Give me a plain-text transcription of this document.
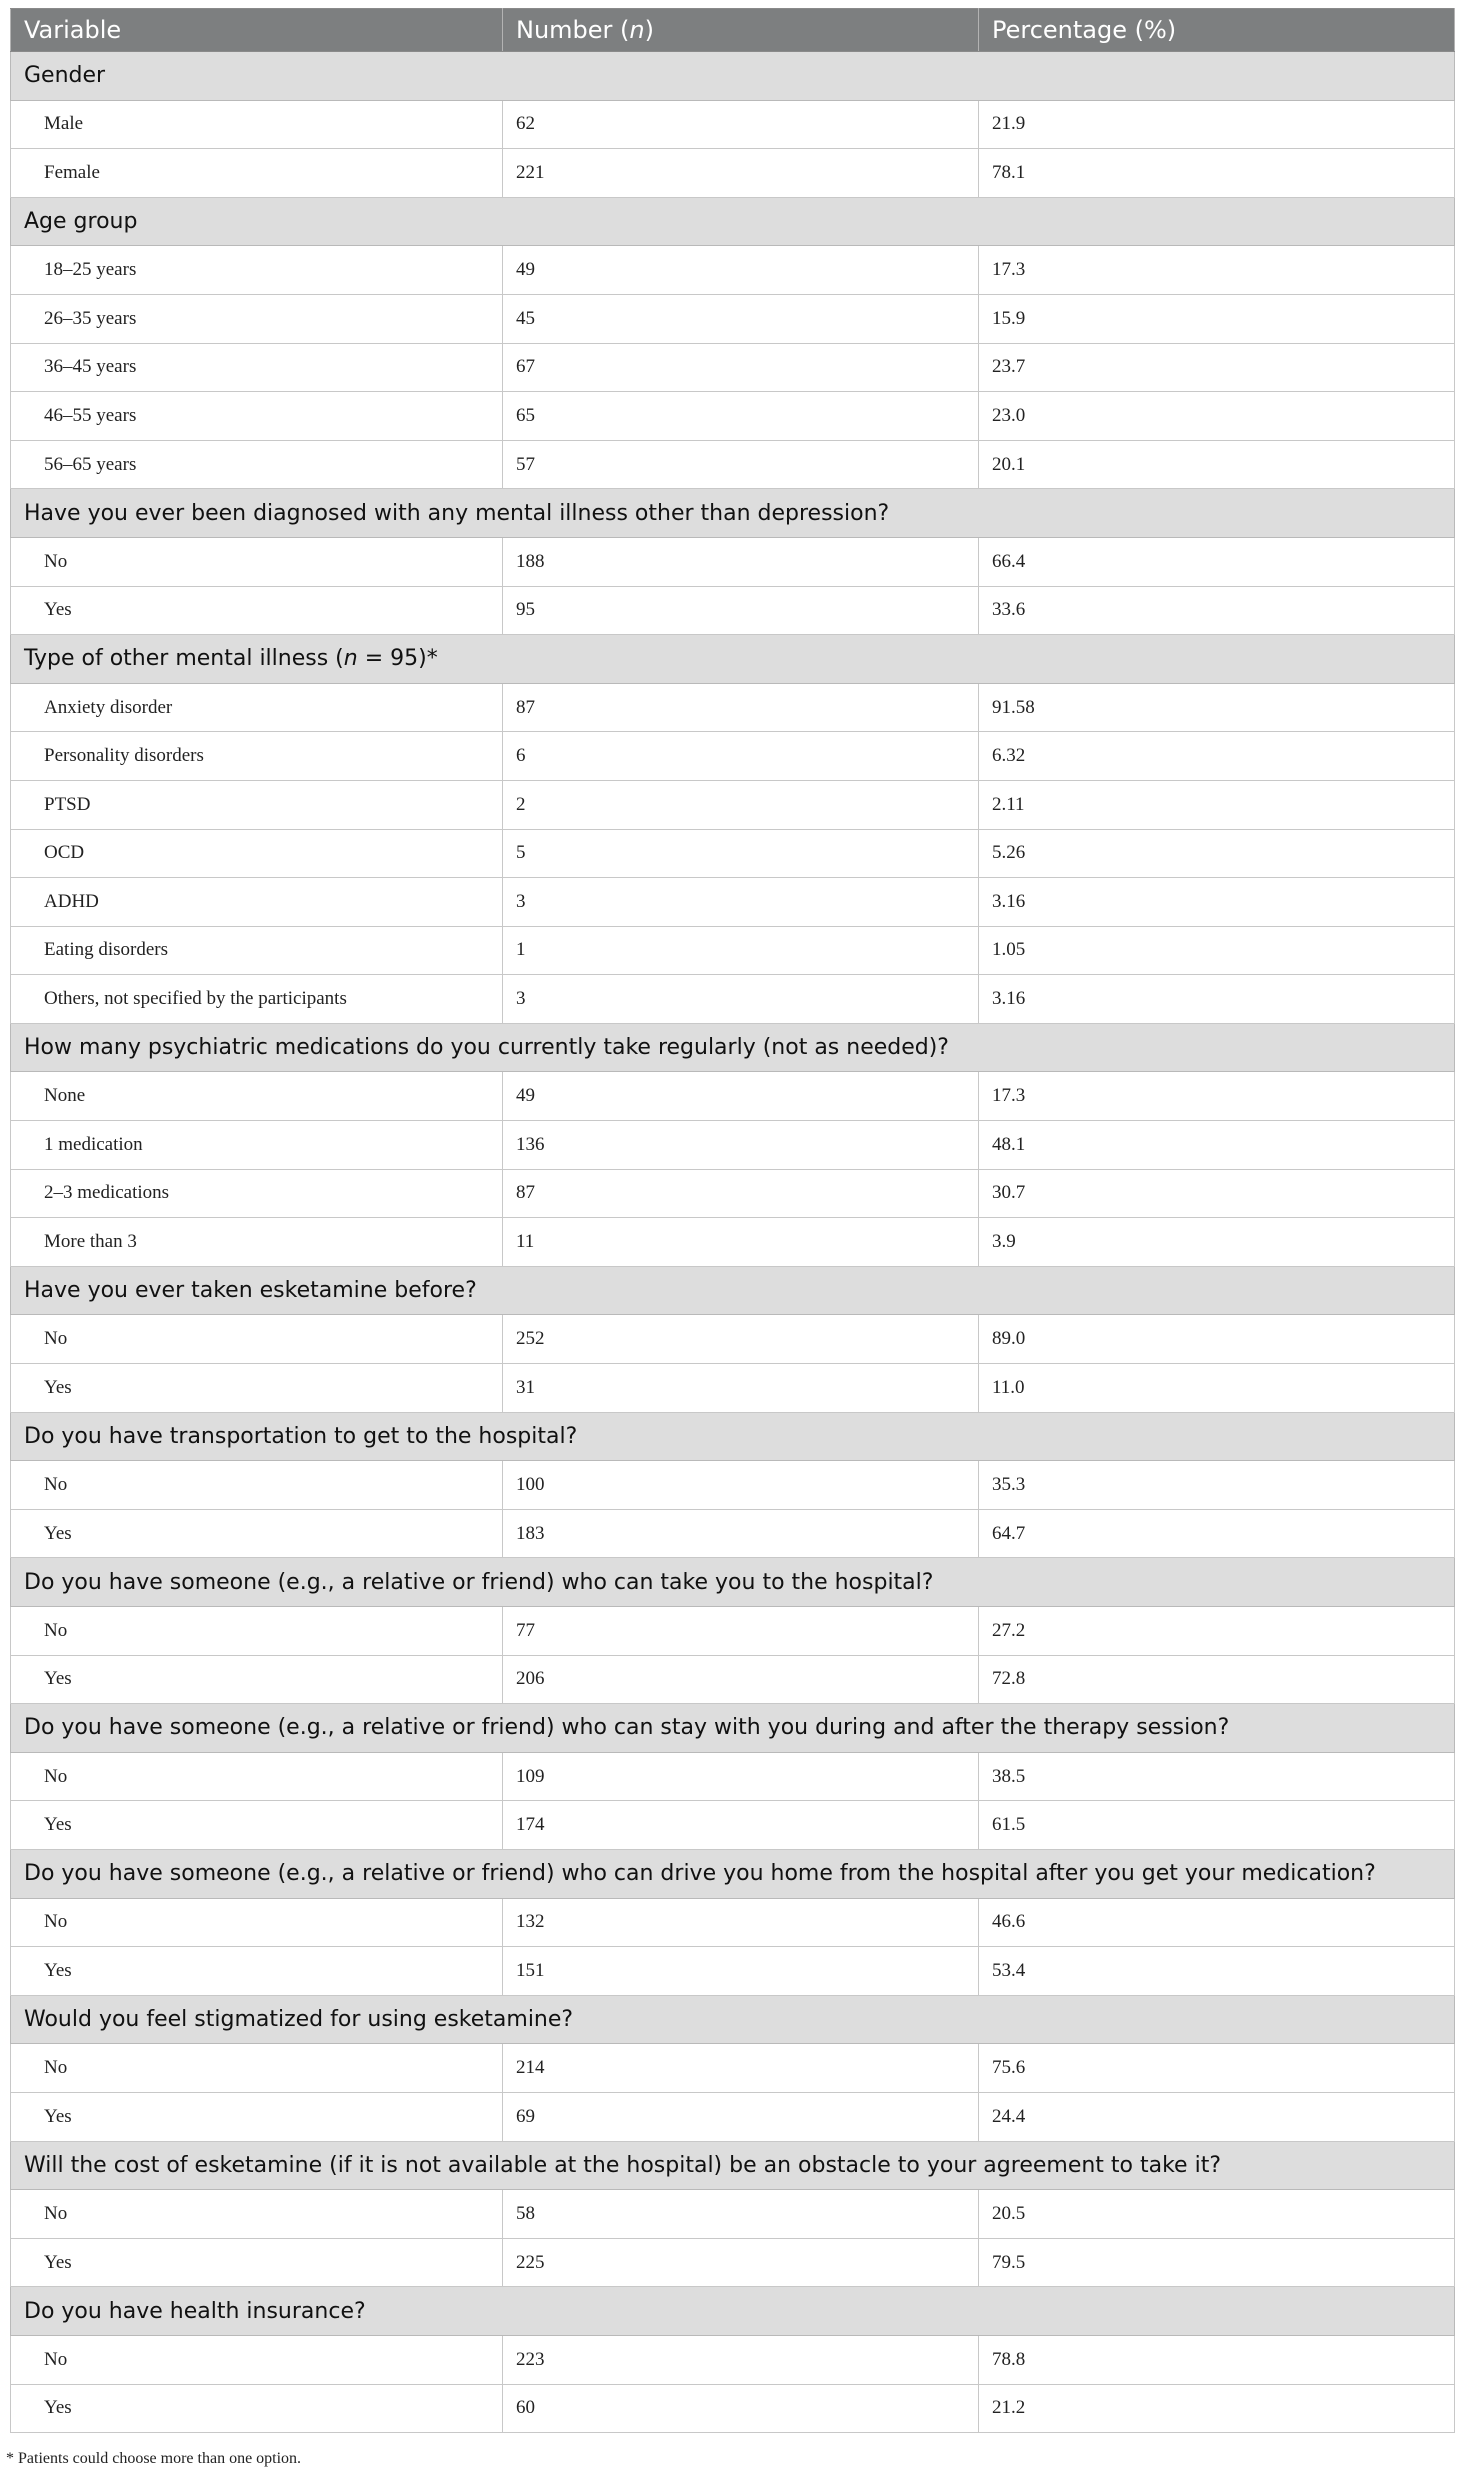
Variable	Number (n)	Percentage (%)
Gender		
Male	62	21.9
Female	221	78.1
Age group		
18–25 years	49	17.3
26–35 years	45	15.9
36–45 years	67	23.7
46–55 years	65	23.0
56–65 years	57	20.1
Have you ever been diagnosed with any mental illness other than depression?		
No	188	66.4
Yes	95	33.6
Type of other mental illness (n = 95)*		
Anxiety disorder	87	91.58
Personality disorders	6	6.32
PTSD	2	2.11
OCD	5	5.26
ADHD	3	3.16
Eating disorders	1	1.05
Others, not specified by the participants	3	3.16
How many psychiatric medications do you currently take regularly (not as needed)?		
None	49	17.3
1 medication	136	48.1
2–3 medications	87	30.7
More than 3	11	3.9
Have you ever taken esketamine before?		
No	252	89.0
Yes	31	11.0
Do you have transportation to get to the hospital?		
No	100	35.3
Yes	183	64.7
Do you have someone (e.g., a relative or friend) who can take you to the hospital?		
No	77	27.2
Yes	206	72.8
Do you have someone (e.g., a relative or friend) who can stay with you during and after the therapy session?		
No	109	38.5
Yes	174	61.5
Do you have someone (e.g., a relative or friend) who can drive you home from the hospital after you get your medication?		
No	132	46.6
Yes	151	53.4
Would you feel stigmatized for using esketamine?		
No	214	75.6
Yes	69	24.4
Will the cost of esketamine (if it is not available at the hospital) be an obstacle to your agreement to take it?		
No	58	20.5
Yes	225	79.5
Do you have health insurance?		
No	223	78.8
Yes	60	21.2
* Patients could choose more than one option.
